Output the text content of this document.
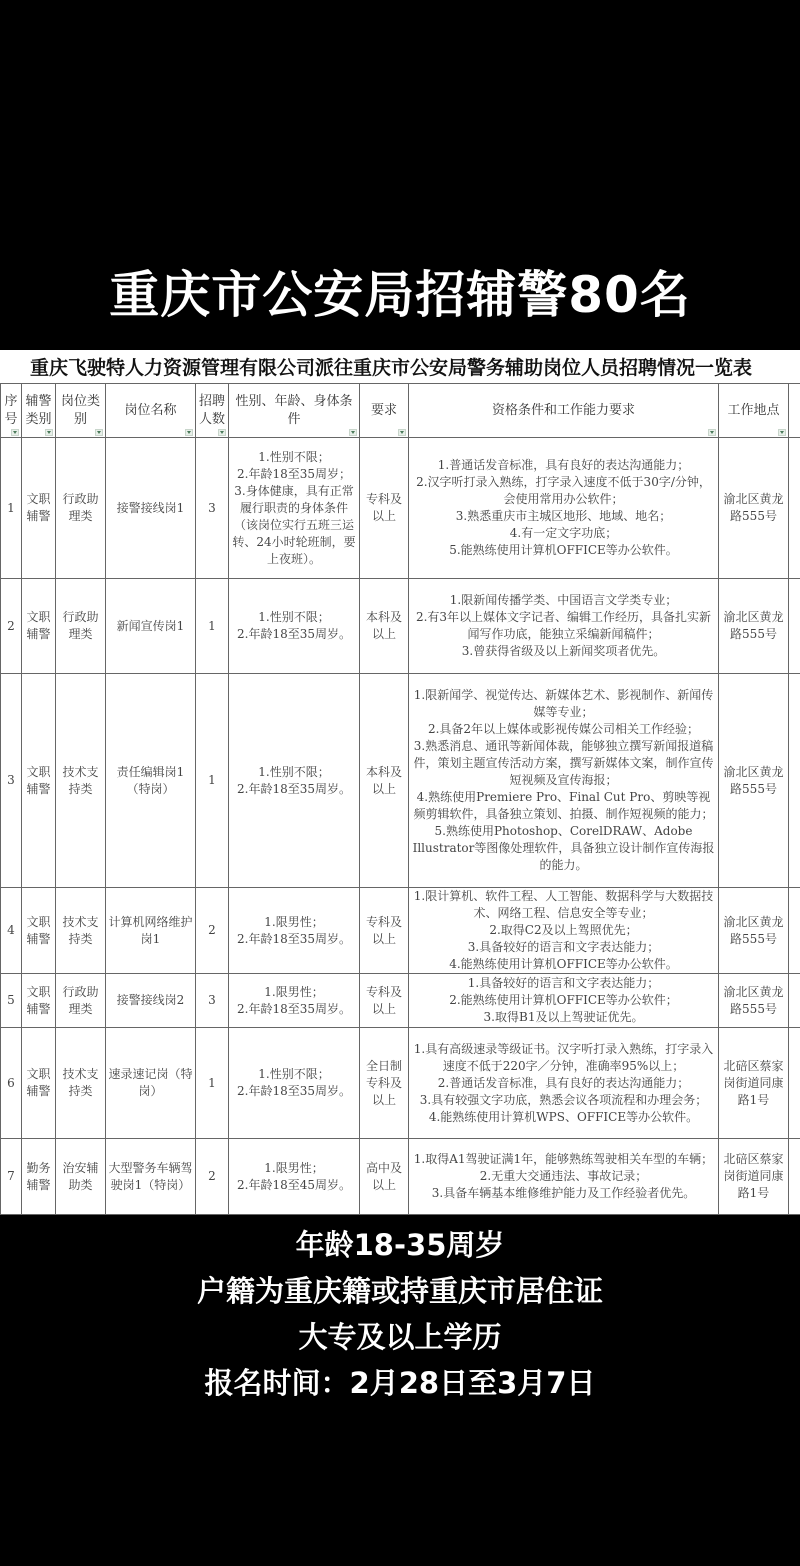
重庆市公安局招辅警80名
重庆飞驶特人力资源管理有限公司派往重庆市公安局警务辅助岗位人员招聘情况一览表
序号	辅警类别	岗位类别	岗位名称	招聘人数	性别、年龄、身体条件	要求	资格条件和工作能力要求	工作地点

1	文职辅警	行政助理类	接警接线岗1	3	1.性别不限；
2.年龄18至35周岁；
3.身体健康，具有正常履行职责的身体条件（该岗位实行五班三运转、24小时轮班制，要上夜班）。	专科及以上	1.普通话发音标准，具有良好的表达沟通能力；
2.汉字听打录入熟练，打字录入速度不低于30字/分钟，会使用常用办公软件；
3.熟悉重庆市主城区地形、地域、地名；
4.有一定文字功底；
5.能熟练使用计算机OFFICE等办公软件。	渝北区黄龙路555号	
2	文职辅警	行政助理类	新闻宣传岗1	1	1.性别不限；
2.年龄18至35周岁。	本科及以上	1.限新闻传播学类、中国语言文学类专业；
2.有3年以上媒体文字记者、编辑工作经历，具备扎实新闻写作功底，能独立采编新闻稿件；
3.曾获得省级及以上新闻奖项者优先。	渝北区黄龙路555号	
3	文职辅警	技术支持类	责任编辑岗1（特岗）	1	1.性别不限；
2.年龄18至35周岁。	本科及以上	1.限新闻学、视觉传达、新媒体艺术、影视制作、新闻传媒等专业；
2.具备2年以上媒体或影视传媒公司相关工作经验；
3.熟悉消息、通讯等新闻体裁，能够独立撰写新闻报道稿件，策划主题宣传活动方案，撰写新媒体文案，制作宣传短视频及宣传海报；
4.熟练使用Premiere Pro、Final Cut Pro、剪映等视频剪辑软件，具备独立策划、拍摄、制作短视频的能力；
5.熟练使用Photoshop、CorelDRAW、Adobe Illustrator等图像处理软件，具备独立设计制作宣传海报的能力。	渝北区黄龙路555号	
4	文职辅警	技术支持类	计算机网络维护岗1	2	1.限男性；
2.年龄18至35周岁。	专科及以上	1.限计算机、软件工程、人工智能、数据科学与大数据技术、网络工程、信息安全等专业；
2.取得C2及以上驾照优先；
3.具备较好的语言和文字表达能力；
4.能熟练使用计算机OFFICE等办公软件。	渝北区黄龙路555号	
5	文职辅警	行政助理类	接警接线岗2	3	1.限男性；
2.年龄18至35周岁。	专科及以上	1.具备较好的语言和文字表达能力；
2.能熟练使用计算机OFFICE等办公软件；
3.取得B1及以上驾驶证优先。	渝北区黄龙路555号	
6	文职辅警	技术支持类	速录速记岗（特岗）	1	1.性别不限；
2.年龄18至35周岁。	全日制专科及以上	1.具有高级速录等级证书。汉字听打录入熟练，打字录入速度不低于220字／分钟，准确率95%以上；
2.普通话发音标准，具有良好的表达沟通能力；
3.具有较强文字功底，熟悉会议各项流程和办理会务；
4.能熟练使用计算机WPS、OFFICE等办公软件。	北碚区蔡家岗街道同康路1号	
7	勤务辅警	治安辅助类	大型警务车辆驾驶岗1（特岗）	2	1.限男性；
2.年龄18至45周岁。	高中及以上	1.取得A1驾驶证满1年，能够熟练驾驶相关车型的车辆；
2.无重大交通违法、事故记录；
3.具备车辆基本维修维护能力及工作经验者优先。	北碚区蔡家岗街道同康路1号	
年龄18-35周岁
户籍为重庆籍或持重庆市居住证
大专及以上学历
报名时间：2月28日至3月7日
